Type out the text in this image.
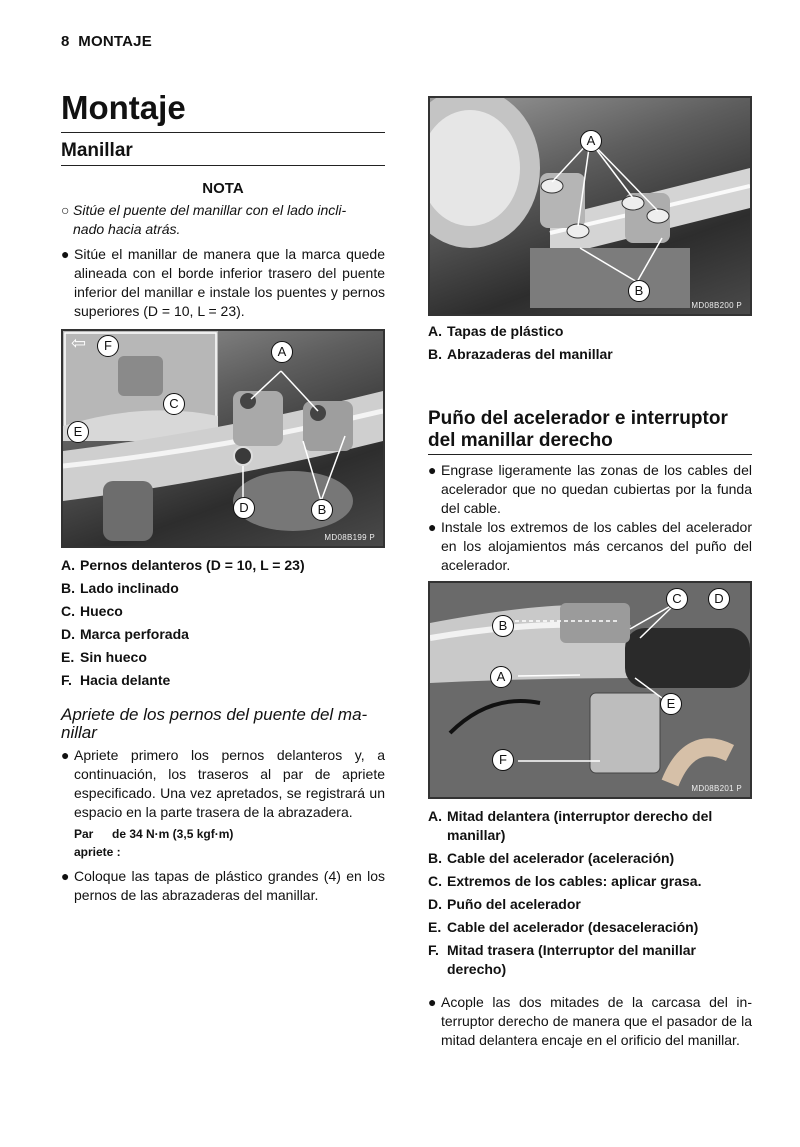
8 MONTAJE
Montaje
Manillar
NOTA
○ Sitúe el puente del manillar con el lado incli-
nado hacia atrás.
● Sitúe el manillar de manera que la marca quede alineada con el borde inferior trasero del puente inferior del manillar e instale los puentes y pernos superiores (D = 10, L = 23).
A
B
C
D
E
⇦	F
MD08B199 P
A. Pernos delanteros (D = 10, L = 23)
B. Lado inclinado
C. Hueco
D. Marca perforada
E. Sin hueco
F. Hacia delante
Apriete de los pernos del puente del ma-
nillar
● Apriete primero los pernos delanteros y, a continuación, los traseros al par de apriete especificado. Una vez apretados, se registrará un espacio en la parte trasera de la abrazadera.
Par	de 34 N·m (3,5 kgf·m)
apriete :
● Coloque las tapas de plástico grandes (4) en los pernos de las abrazaderas del manillar.
A
B
MD08B200 P
A. Tapas de plástico
B. Abrazaderas del manillar
Puño del acelerador e interruptor
del manillar derecho
● Engrase ligeramente las zonas de los cables del acelerador que no quedan cubiertas por la funda del cable.
● Instale los extremos de los cables del acelerador en los alojamientos más cercanos del puño del acelerador.
A
B
C	D
E
F
MD08B201 P
A. Mitad delantera (interruptor derecho del manillar)
B. Cable del acelerador (aceleración)
C. Extremos de los cables: aplicar grasa.
D. Puño del acelerador
E. Cable del acelerador (desaceleración)
F. Mitad trasera (Interruptor del manillar derecho)
● Acople las dos mitades de la carcasa del interruptor derecho de manera que el pasador de la mitad delantera encaje en el orificio del manillar.
